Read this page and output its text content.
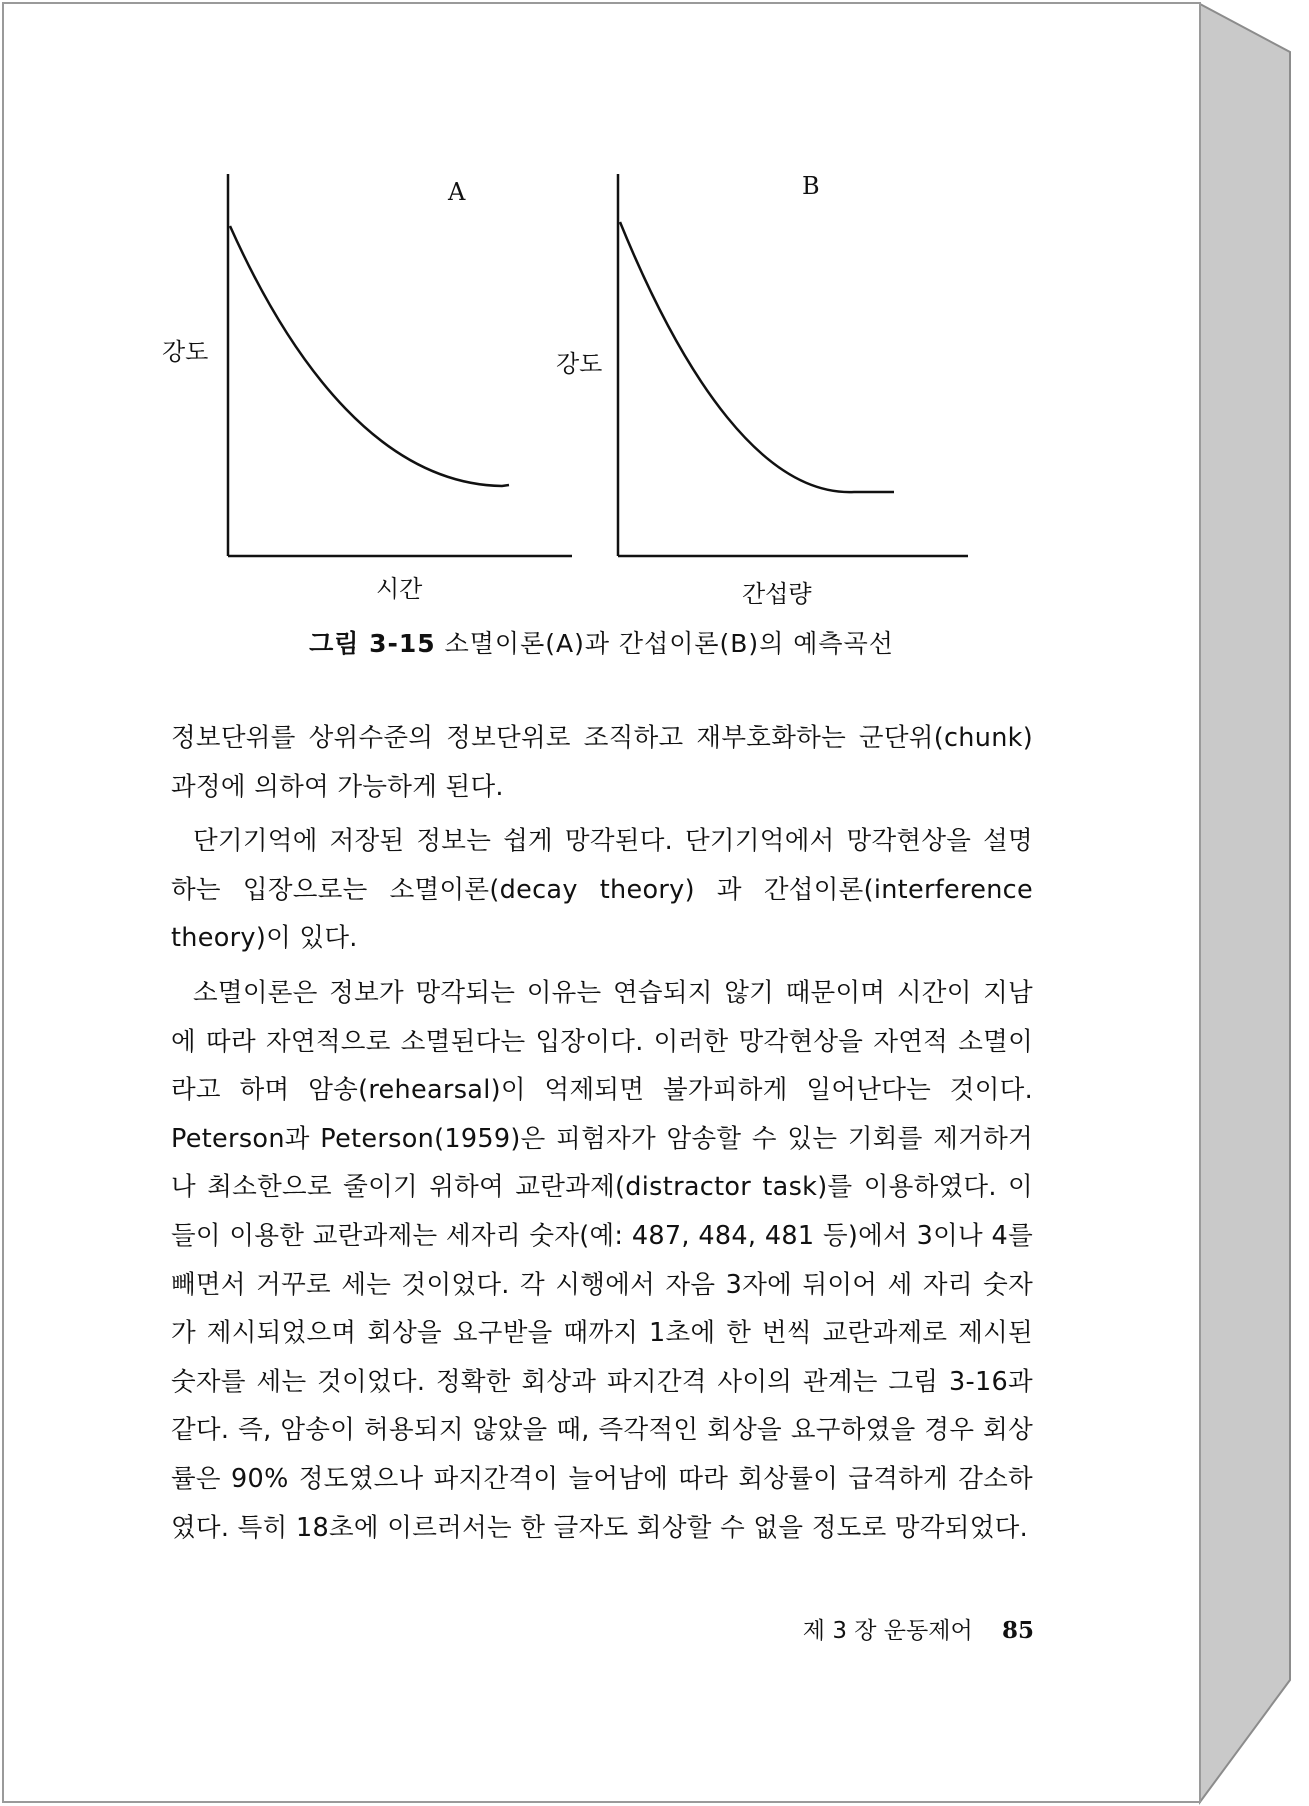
A
강도
시간
B
강도
간섭량
그림 3-15 소멸이론(A)과 간섭이론(B)의 예측곡선

정보단위를 상위수준의 정보단위로 조직하고 재부호화하는 군단위(chunk) 과정에 의하여 가능하게 된다.

단기기억에 저장된 정보는 쉽게 망각된다. 단기기억에서 망각현상을 설명하는 입장으로는 소멸이론(decay theory) 과 간섭이론(interference theory)이 있다.

소멸이론은 정보가 망각되는 이유는 연습되지 않기 때문이며 시간이 지남에 따라 자연적으로 소멸된다는 입장이다. 이러한 망각현상을 자연적 소멸이라고 하며 암송(rehearsal)이 억제되면 불가피하게 일어난다는 것이다. Peterson과 Peterson(1959)은 피험자가 암송할 수 있는 기회를 제거하거나 최소한으로 줄이기 위하여 교란과제(distractor task)를 이용하였다. 이들이 이용한 교란과제는 세자리 숫자(예: 487, 484, 481 등)에서 3이나 4를 빼면서 거꾸로 세는 것이었다. 각 시행에서 자음 3자에 뒤이어 세 자리 숫자가 제시되었으며 회상을 요구받을 때까지 1초에 한 번씩 교란과제로 제시된 숫자를 세는 것이었다. 정확한 회상과 파지간격 사이의 관계는 그림 3-16과 같다. 즉, 암송이 허용되지 않았을 때, 즉각적인 회상을 요구하였을 경우 회상률은 90% 정도였으나 파지간격이 늘어남에 따라 회상률이 급격하게 감소하였다. 특히 18초에 이르러서는 한 글자도 회상할 수 없을 정도로 망각되었다.

제 3 장 운동제어 85
